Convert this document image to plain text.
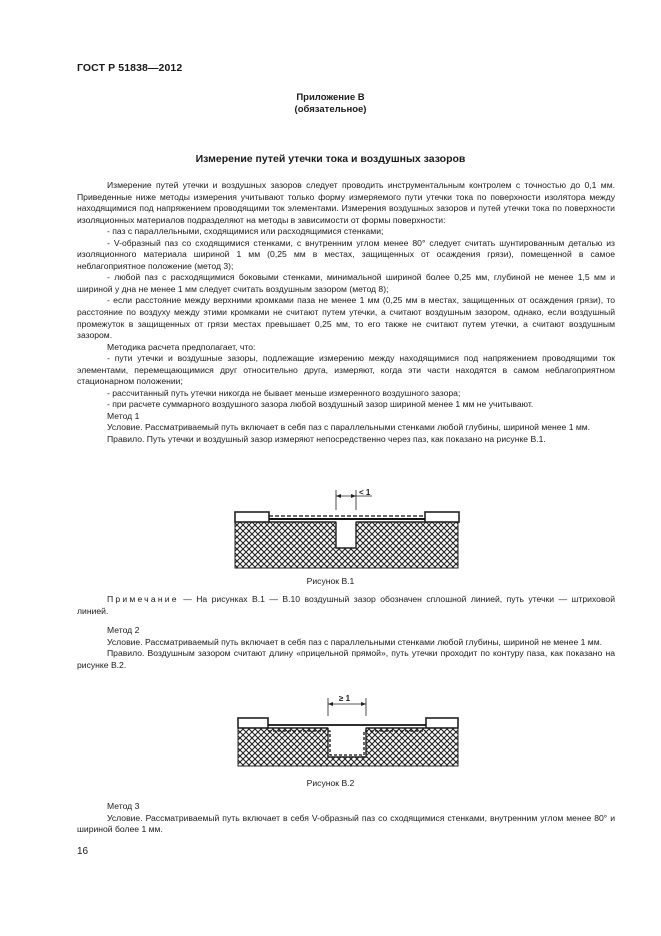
ГОСТ Р 51838—2012
Приложение В
(обязательное)
Измерение путей утечки тока и воздушных зазоров

Измерение путей утечки и воздушных зазоров следует проводить инструментальным контролем с точностью до 0,1 мм. Приведенные ниже методы измерения учитывают только форму измеряемого пути утечки тока по поверхности изолятора между находящимися под напряжением проводящими ток элементами. Измерения воздушных зазоров и путей утечки тока по поверхности изоляционных материалов подразделяют на методы в зависимости от формы поверхности:

- паз с параллельными, сходящимися или расходящимися стенками;

- V-образный паз со сходящимися стенками, с внутренним углом менее 80° следует считать шунтированным деталью из изоляционного материала шириной 1 мм (0,25 мм в местах, защищенных от осаждения грязи), помещенной в самое неблагоприятное положение (метод 3);

- любой паз с расходящимися боковыми стенками, минимальной шириной более 0,25 мм, глубиной не менее 1,5 мм и шириной у дна не менее 1 мм следует считать воздушным зазором (метод 8);

- если расстояние между верхними кромками паза не менее 1 мм (0,25 мм в местах, защищенных от осаждения грязи), то расстояние по воздуху между этими кромками не считают путем утечки, а считают воздушным зазором, однако, если воздушный промежуток в защищенных от грязи местах превышает 0,25 мм, то его также не считают путем утечки, а считают воздушным зазором.

Методика расчета предполагает, что:

- пути утечки и воздушные зазоры, подлежащие измерению между находящимися под напряжением проводящими ток элементами, перемещающимися друг относительно друга, измеряют, когда эти части находятся в самом неблагоприятном стационарном положении;

- рассчитанный путь утечки никогда не бывает меньше измеренного воздушного зазора;

- при расчете суммарного воздушного зазора любой воздушный зазор шириной менее 1 мм не учитывают.

Метод 1

Условие. Рассматриваемый путь включает в себя паз с параллельными стенками любой глубины, шириной менее 1 мм.

Правило. Путь утечки и воздушный зазор измеряют непосредственно через паз, как показано на рисунке В.1.

< 1
Рисунок В.1

Примечание — На рисунках В.1 — В.10 воздушный зазор обозначен сплошной линией, путь утечки — штриховой линией.

Метод 2

Условие. Рассматриваемый путь включает в себя паз с параллельными стенками любой глубины, шириной не менее 1 мм.

Правило. Воздушным зазором считают длину «прицельной прямой», путь утечки проходит по контуру паза, как показано на рисунке В.2.

≥ 1
Рисунок В.2

Метод 3

Условие. Рассматриваемый путь включает в себя V-образный паз со сходящимися стенками, внутренним углом менее 80° и шириной более 1 мм.

16
